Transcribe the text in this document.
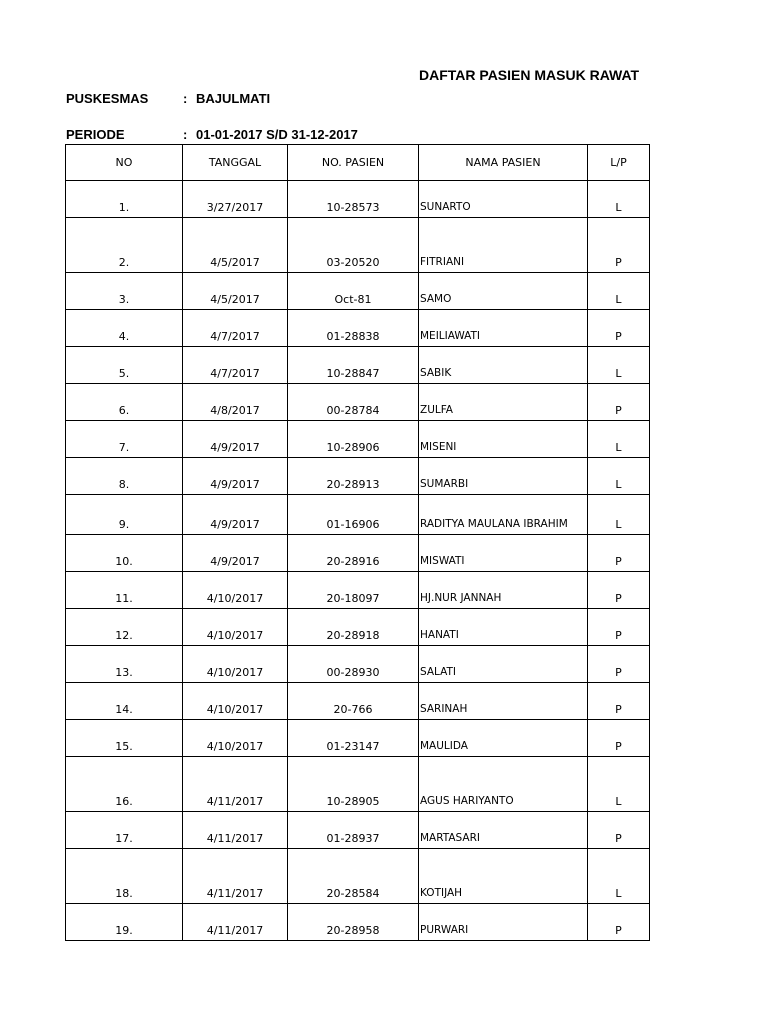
DAFTAR PASIEN MASUK RAWAT
PUSKESMAS	: BAJULMATI
PERIODE	: 01-01-2017 S/D 31-12-2017
NO	TANGGAL	NO. PASIEN	NAMA PASIEN	L/P
1.	3/27/2017	10-28573	SUNARTO	L
2.	4/5/2017	03-20520	FITRIANI	P
3.	4/5/2017	Oct-81	SAMO	L
4.	4/7/2017	01-28838	MEILIAWATI	P
5.	4/7/2017	10-28847	SABIK	L
6.	4/8/2017	00-28784	ZULFA	P
7.	4/9/2017	10-28906	MISENI	L
8.	4/9/2017	20-28913	SUMARBI	L
9.	4/9/2017	01-16906	RADITYA MAULANA IBRAHIM	L
10.	4/9/2017	20-28916	MISWATI	P
11.	4/10/2017	20-18097	HJ.NUR JANNAH	P
12.	4/10/2017	20-28918	HANATI	P
13.	4/10/2017	00-28930	SALATI	P
14.	4/10/2017	20-766	SARINAH	P
15.	4/10/2017	01-23147	MAULIDA	P
16.	4/11/2017	10-28905	AGUS HARIYANTO	L
17.	4/11/2017	01-28937	MARTASARI	P
18.	4/11/2017	20-28584	KOTIJAH	L
19.	4/11/2017	20-28958	PURWARI	P
